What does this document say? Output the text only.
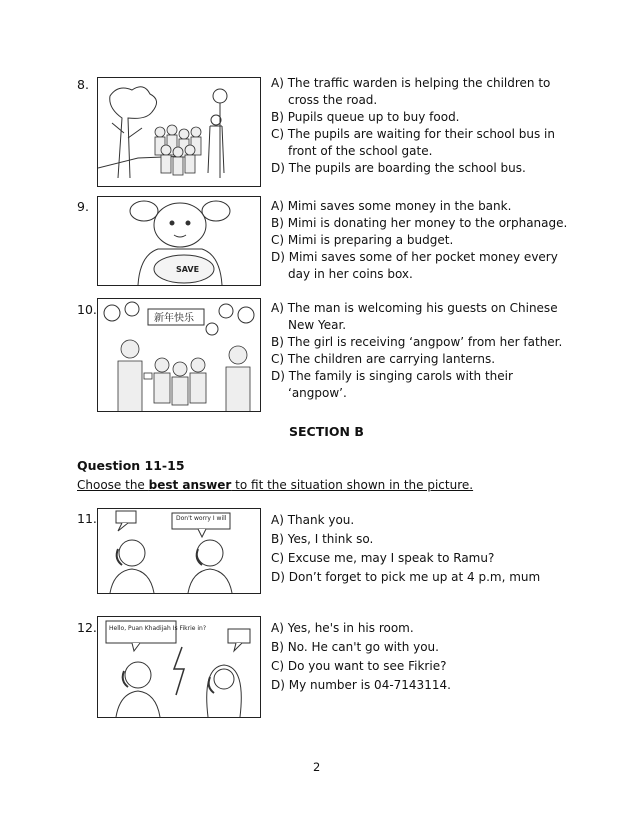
8.	A) The traffic warden is helping the children to
cross the road.
B) Pupils queue up to buy food.
C) The pupils are waiting for their school bus in
front of the school gate.
D) The pupils are boarding the school bus.
9.
SAVE
A) Mimi saves some money in the bank.
B) Mimi is donating her money to the orphanage.
C) Mimi is preparing a budget.
D) Mimi saves some of her pocket money every
day in her coins box.
10.
新年快乐
A) The man is welcoming his guests on Chinese
New Year.
B) The girl is receiving ‘angpow’ from her father.
C) The children are carrying lanterns.
D) The family is singing carols with their
‘angpow’.
SECTION B
Question 11-15
Choose the best answer to fit the situation shown in the picture.
11.	Don't worry I will	A) Thank you.
B) Yes, I think so.
C) Excuse me, may I speak to Ramu?
D) Don’t forget to pick me up at 4 p.m, mum
12. Hello, Puan Khadijah Is Fikrie in?	A) Yes, he's in his room.
B) No. He can't go with you.
C) Do you want to see Fikrie?
D) My number is 04-7143114.
2
